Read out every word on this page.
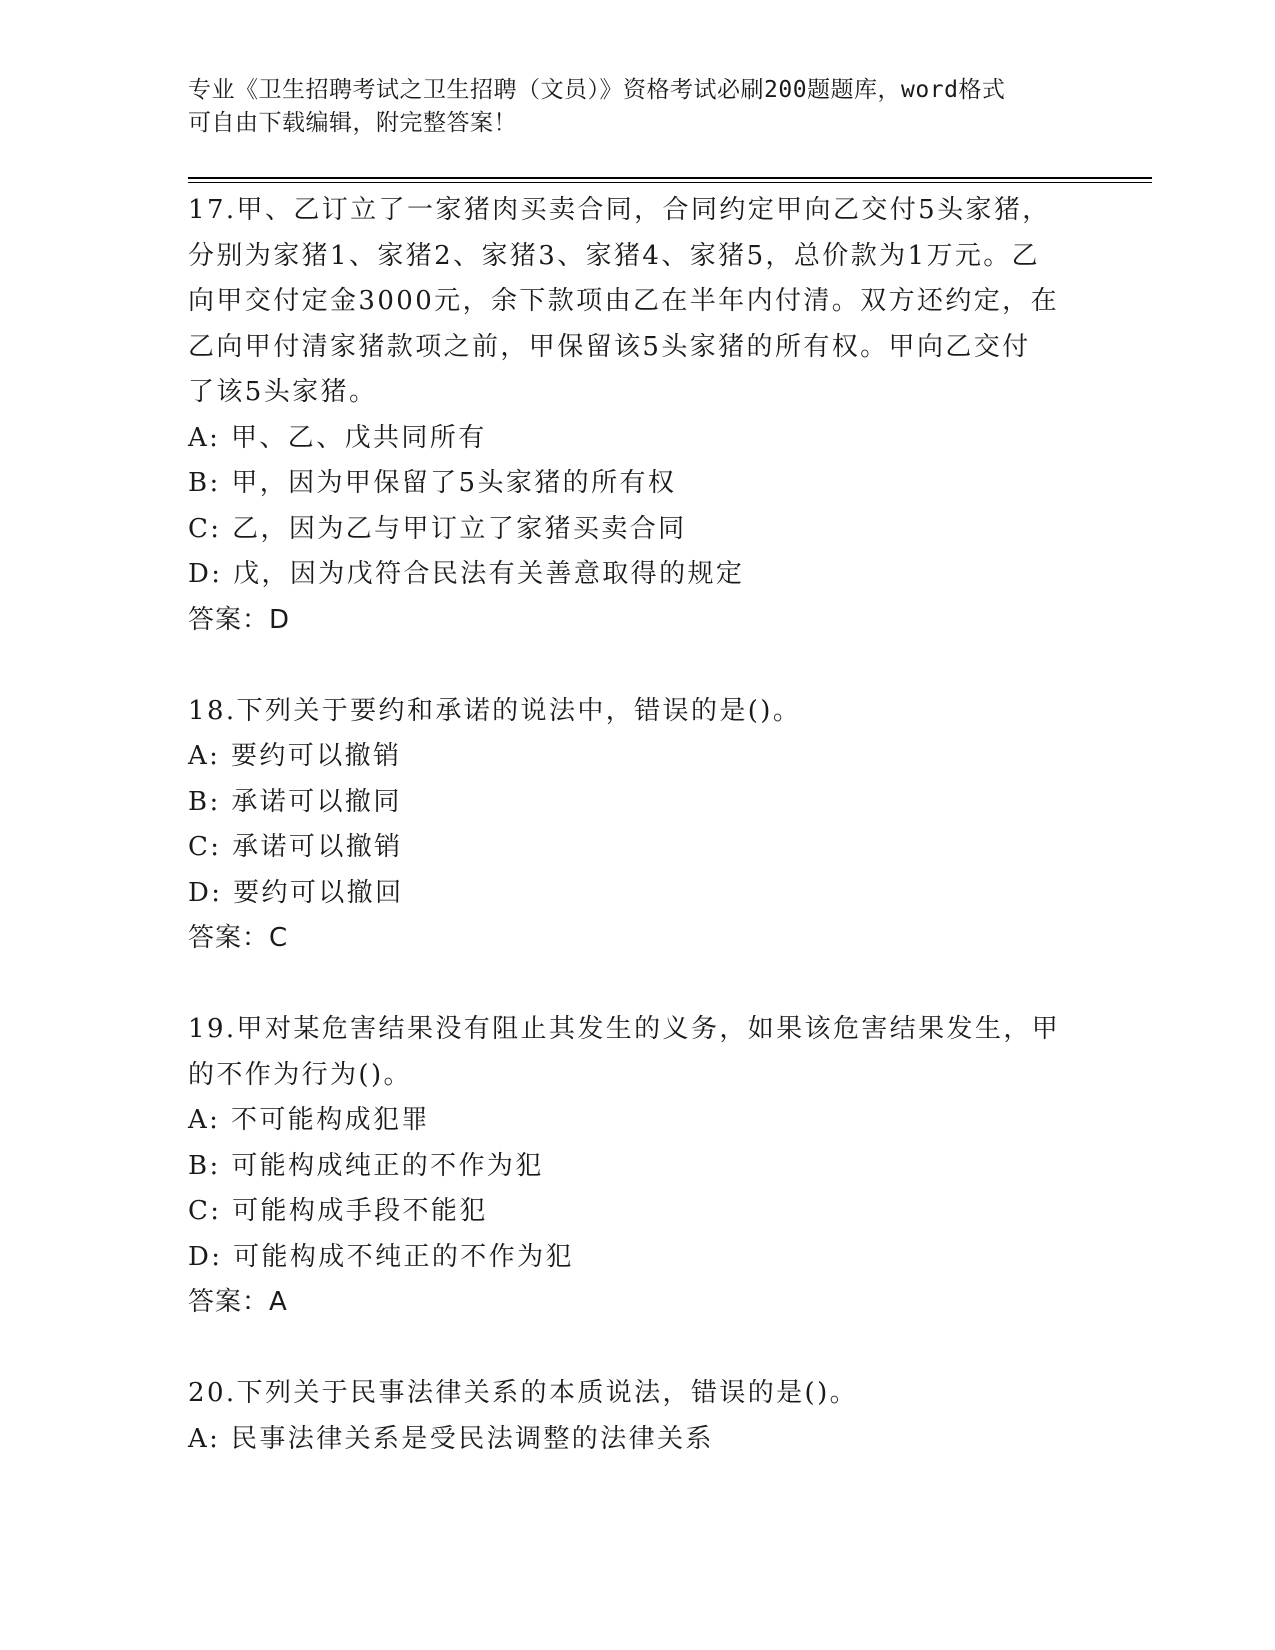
专业《卫生招聘考试之卫生招聘（文员）》资格考试必刷200题题库，word格式
可自由下载编辑，附完整答案！
17.甲、乙订立了一家猪肉买卖合同，合同约定甲向乙交付5头家猪，
分别为家猪1、家猪2、家猪3、家猪4、家猪5，总价款为1万元。乙
向甲交付定金3000元，余下款项由乙在半年内付清。双方还约定，在
乙向甲付清家猪款项之前，甲保留该5头家猪的所有权。甲向乙交付
了该5头家猪。
A: 甲、乙、戊共同所有
B: 甲，因为甲保留了5头家猪的所有权
C: 乙，因为乙与甲订立了家猪买卖合同
D: 戊，因为戊符合民法有关善意取得的规定
答案：D
18.下列关于要约和承诺的说法中，错误的是()。
A: 要约可以撤销
B: 承诺可以撤同
C: 承诺可以撤销
D: 要约可以撤回
答案：C
19.甲对某危害结果没有阻止其发生的义务，如果该危害结果发生，甲
的不作为行为()。
A: 不可能构成犯罪
B: 可能构成纯正的不作为犯
C: 可能构成手段不能犯
D: 可能构成不纯正的不作为犯
答案：A
20.下列关于民事法律关系的本质说法，错误的是()。
A: 民事法律关系是受民法调整的法律关系
